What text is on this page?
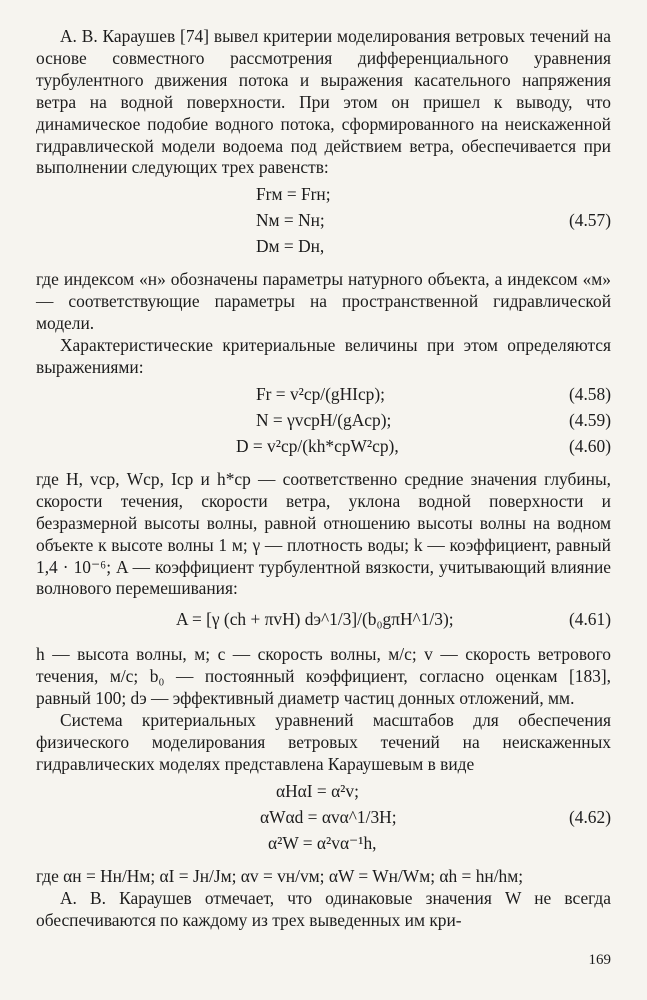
А. В. Караушев [74] вывел критерии моделирования ветровых течений на основе совместного рассмотрения дифференциального уравнения турбулентного движения потока и выражения касательного напряжения ветра на водной поверхности. При этом он пришел к выводу, что динамическое подобие водного потока, сформированного на неискаженной гидравлической модели водоема под действием ветра, обеспечивается при выполнении следующих трех равенств:

Frм = Frн;
Nм = Nн;	(4.57)
Dм = Dн,

где индексом «н» обозначены параметры натурного объекта, а индексом «м» — соответствующие параметры на пространственной гидравлической модели.

Характеристические критериальные величины при этом определяются выражениями:

Fr = v²ср/(gHIср);	(4.58)
N = γvсрH/(gAср);	(4.59)
D = v²ср/(kh*срW²ср),	(4.60)

где H, vср, Wср, Iср и h*ср — соответственно средние значения глубины, скорости течения, скорости ветра, уклона водной поверхности и безразмерной высоты волны, равной отношению высоты волны на водном объекте к высоте волны 1 м; γ — плотность воды; k — коэффициент, равный 1,4 · 10⁻⁶; A — коэффициент турбулентной вязкости, учитывающий влияние волнового перемешивания:

A = [γ (ch + πvH) dэ^1/3]/(b₀gπH^1/3);	(4.61)

h — высота волны, м; c — скорость волны, м/с; v — скорость ветрового течения, м/с; b₀ — постоянный коэффициент, согласно оценкам [183], равный 100; dэ — эффективный диаметр частиц донных отложений, мм.

Система критериальных уравнений масштабов для обеспечения физического моделирования ветровых течений на неискаженных гидравлических моделях представлена Караушевым в виде

αHαI = α²v;
αWαd = αvα^1/3H;	(4.62)
α²W = α²vα⁻¹h,

где αн = Hн/Hм; αI = Jн/Jм; αv = vн/vм; αW = Wн/Wм; αh = hн/hм;

А. В. Караушев отмечает, что одинаковые значения W не всегда обеспечиваются по каждому из трех выведенных им кри-

169
